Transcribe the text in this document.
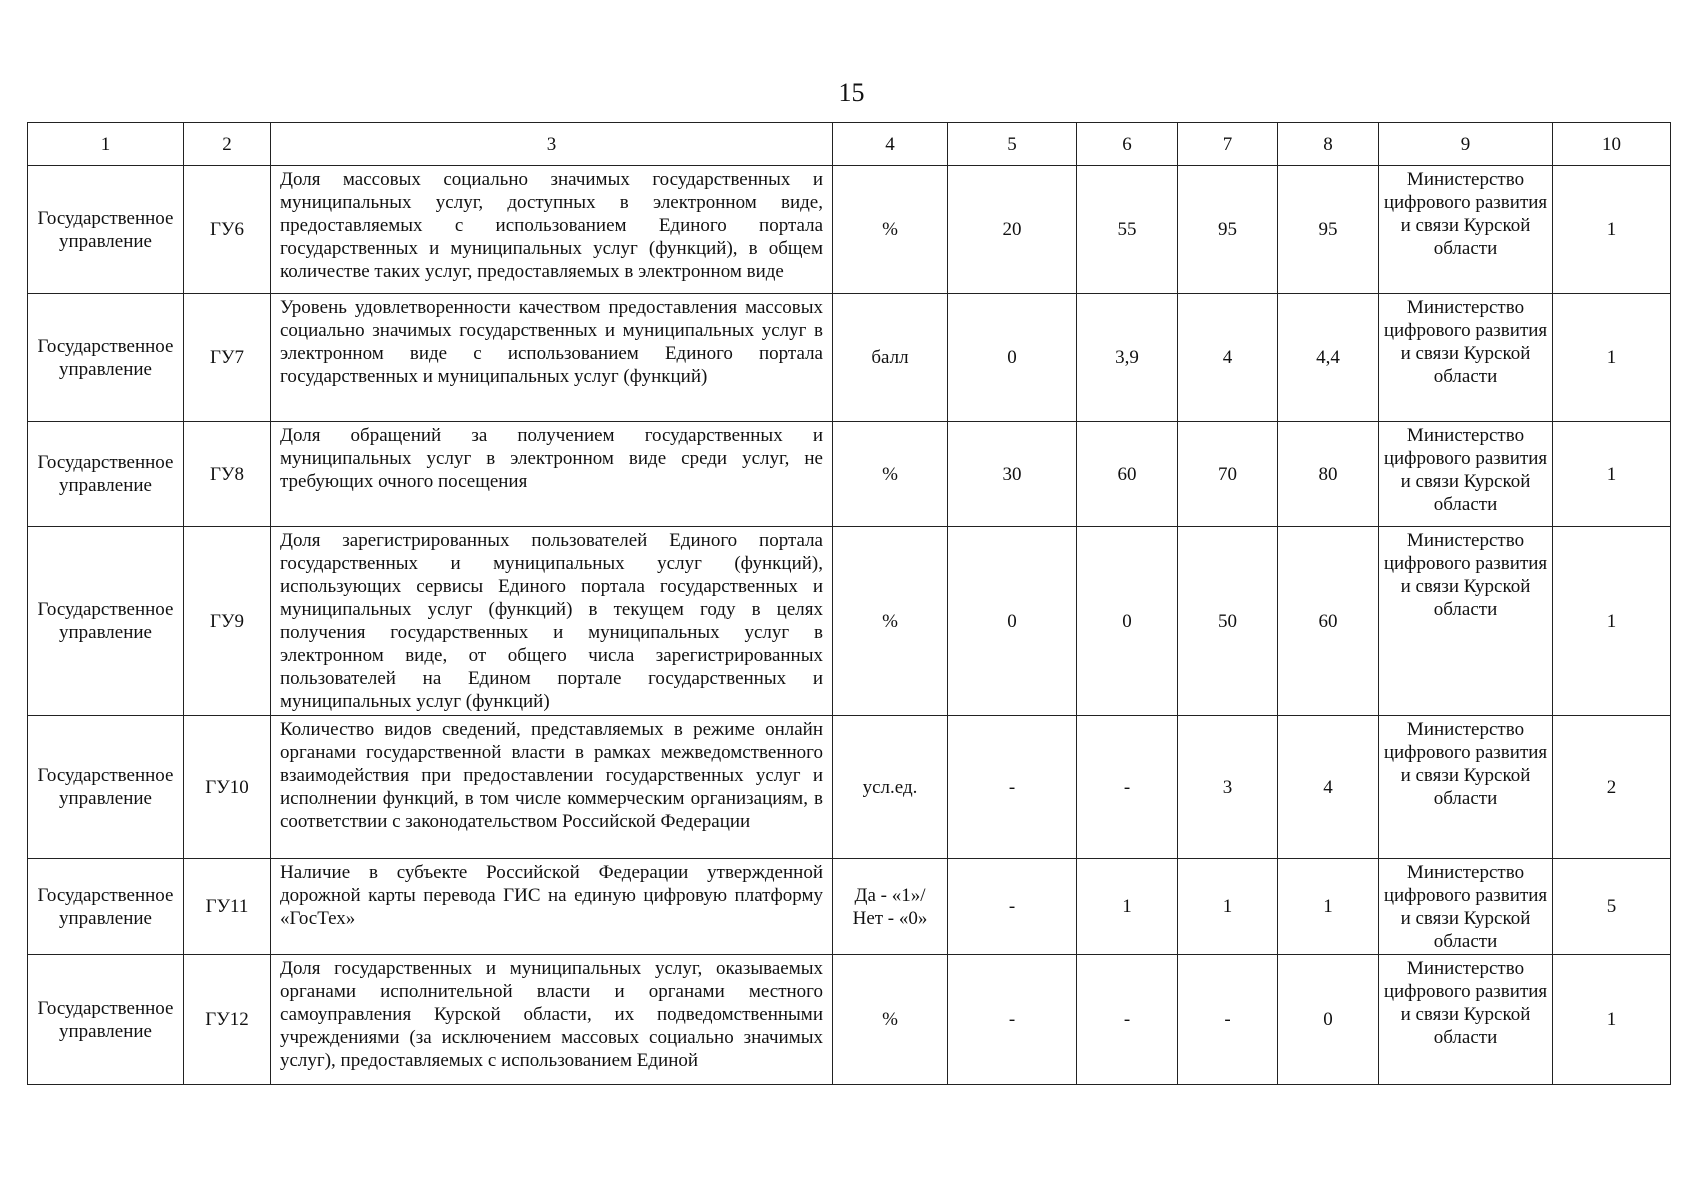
15
1	2	3	4	5	6	7	8	9	10
Государственное управление	ГУ6	Доля массовых социально значимых государственных и муниципальных услуг, доступных в электронном виде, предоставляемых с использованием Единого портала государственных и муниципальных услуг (функций), в общем количестве таких услуг, предоставляемых в электронном виде	%	20	55	95	95	Министерство цифрового развития и связи Курской области	1
Государственное управление	ГУ7	Уровень удовлетворенности качеством предоставления массовых социально значимых государственных и муниципальных услуг в электронном виде с использованием Единого портала государственных и муниципальных услуг (функций)	балл	0	3,9	4	4,4	Министерство цифрового развития и связи Курской области	1
Государственное управление	ГУ8	Доля обращений за получением государственных и муниципальных услуг в электронном виде среди услуг, не требующих очного посещения	%	30	60	70	80	Министерство цифрового развития и связи Курской области	1
Государственное управление	ГУ9	Доля зарегистрированных пользователей Единого портала государственных и муниципальных услуг (функций), использующих сервисы Единого портала государственных и муниципальных услуг (функций) в текущем году в целях получения государственных и муниципальных услуг в электронном виде, от общего числа зарегистрированных пользователей на Едином портале государственных и муниципальных услуг (функций)	%	0	0	50	60	Министерство цифрового развития и связи Курской области	1
Государственное управление	ГУ10	Количество видов сведений, представляемых в режиме онлайн органами государственной власти в рамках межведомственного взаимодействия при предоставлении государственных услуг и исполнении функций, в том числе коммерческим организациям, в соответствии с законодательством Российской Федерации	усл.ед.	-	-	3	4	Министерство цифрового развития и связи Курской области	2
Государственное управление	ГУ11	Наличие в субъекте Российской Федерации утвержденной дорожной карты перевода ГИС на единую цифровую платформу «ГосТех»	Да - «1»/ Нет - «0»	-	1	1	1	Министерство цифрового развития и связи Курской области	5
Государственное управление	ГУ12	Доля государственных и муниципальных услуг, оказываемых органами исполнительной власти и органами местного самоуправления Курской области, их подведомственными учреждениями (за исключением массовых социально значимых услуг), предоставляемых с использованием Единой	%	-	-	-	0	Министерство цифрового развития и связи Курской области	1
